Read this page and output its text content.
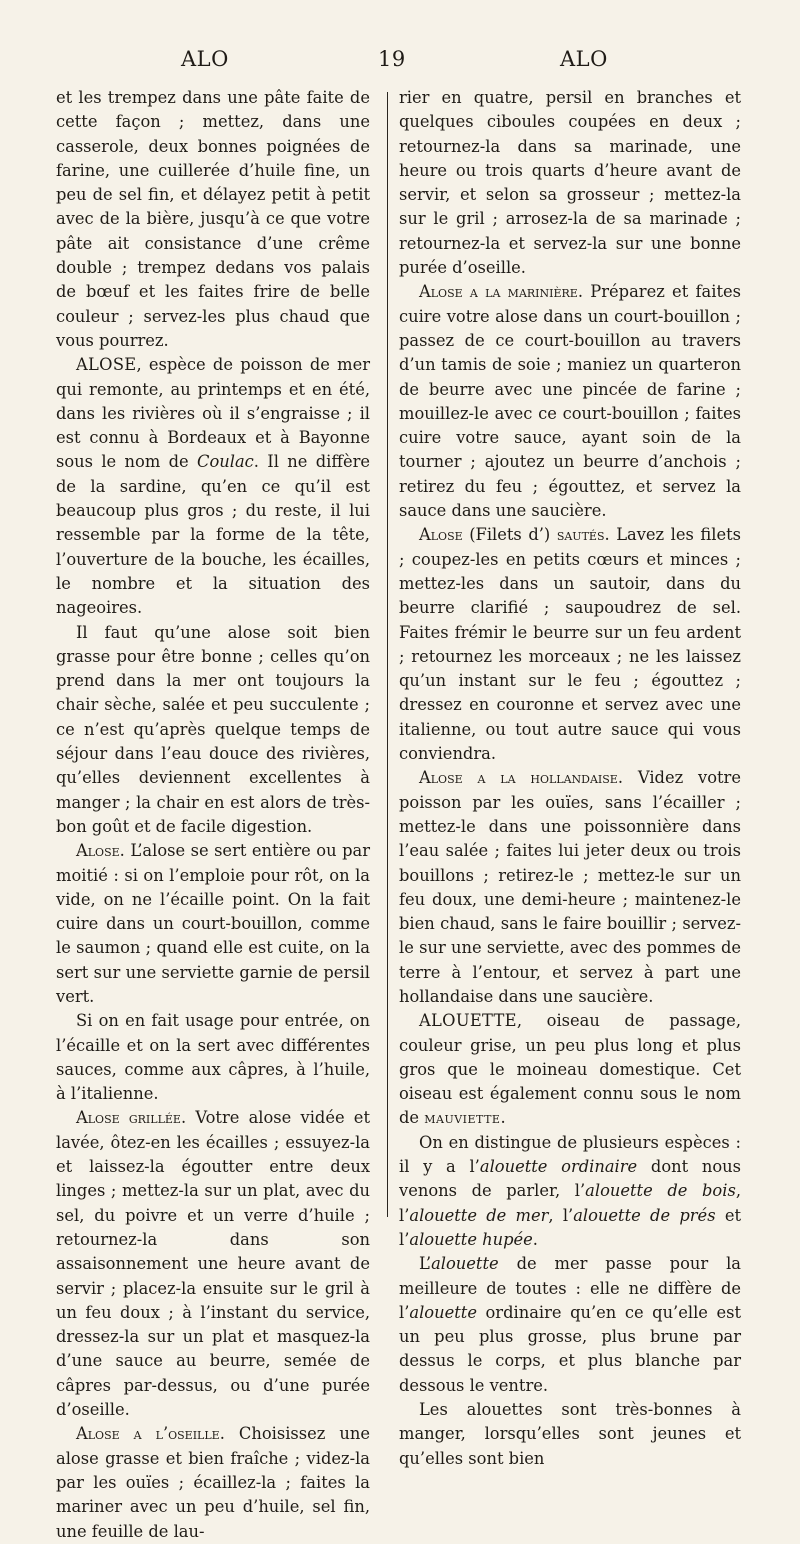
ALO	19	ALO

et les trempez dans une pâte faite de cette façon ; mettez, dans une casserole, deux bonnes poignées de farine, une cuillerée d’huile fine, un peu de sel fin, et délayez petit à petit avec de la bière, jusqu’à ce que votre pâte ait consistance d’une crême double ; trempez dedans vos palais de bœuf et les faites frire de belle couleur ; servez-les plus chaud que vous pourrez.

ALOSE, espèce de poisson de mer qui remonte, au printemps et en été, dans les rivières où il s’engraisse ; il est connu à Bordeaux et à Bayonne sous le nom de Coulac. Il ne diffère de la sardine, qu’en ce qu’il est beaucoup plus gros ; du reste, il lui ressemble par la forme de la tête, l’ouverture de la bouche, les écailles, le nombre et la situation des nageoires.

Il faut qu’une alose soit bien grasse pour être bonne ; celles qu’on prend dans la mer ont toujours la chair sèche, salée et peu succulente ; ce n’est qu’après quelque temps de séjour dans l’eau douce des rivières, qu’elles deviennent excellentes à manger ; la chair en est alors de très-bon goût et de facile digestion.

Alose. L’alose se sert entière ou par moitié : si on l’emploie pour rôt, on la vide, on ne l’écaille point. On la fait cuire dans un court-bouillon, comme le saumon ; quand elle est cuite, on la sert sur une serviette garnie de persil vert.

Si on en fait usage pour entrée, on l’écaille et on la sert avec différentes sauces, comme aux câpres, à l’huile, à l’italienne.

Alose grillée. Votre alose vidée et lavée, ôtez-en les écailles ; essuyez-la et laissez-la égoutter entre deux linges ; mettez-la sur un plat, avec du sel, du poivre et un verre d’huile ; retournez-la dans son assaisonnement une heure avant de servir ; placez-la ensuite sur le gril à un feu doux ; à l’instant du service, dressez-la sur un plat et masquez-la d’une sauce au beurre, semée de câpres par-dessus, ou d’une purée d’oseille.

Alose a l’oseille. Choisissez une alose grasse et bien fraîche ; videz-la par les ouïes ; écaillez-la ; faites la mariner avec un peu d’huile, sel fin, une feuille de lau-

rier en quatre, persil en branches et quelques ciboules coupées en deux ; retournez-la dans sa marinade, une heure ou trois quarts d’heure avant de servir, et selon sa grosseur ; mettez-la sur le gril ; arrosez-la de sa marinade ; retournez-la et servez-la sur une bonne purée d’oseille.

Alose a la marinière. Préparez et faites cuire votre alose dans un court-bouillon ; passez de ce court-bouillon au travers d’un tamis de soie ; maniez un quarteron de beurre avec une pincée de farine ; mouillez-le avec ce court-bouillon ; faites cuire votre sauce, ayant soin de la tourner ; ajoutez un beurre d’anchois ; retirez du feu ; égouttez, et servez la sauce dans une saucière.

Alose (Filets d’) sautés. Lavez les filets ; coupez-les en petits cœurs et minces ; mettez-les dans un sautoir, dans du beurre clarifié ; saupoudrez de sel. Faites frémir le beurre sur un feu ardent ; retournez les morceaux ; ne les laissez qu’un instant sur le feu ; égouttez ; dressez en couronne et servez avec une italienne, ou tout autre sauce qui vous conviendra.

Alose a la hollandaise. Videz votre poisson par les ouïes, sans l’écailler ; mettez-le dans une poissonnière dans l’eau salée ; faites lui jeter deux ou trois bouillons ; retirez-le ; mettez-le sur un feu doux, une demi-heure ; maintenez-le bien chaud, sans le faire bouillir ; servez-le sur une serviette, avec des pommes de terre à l’entour, et servez à part une hollandaise dans une saucière.

ALOUETTE, oiseau de passage, couleur grise, un peu plus long et plus gros que le moineau domestique. Cet oiseau est également connu sous le nom de mauviette.

On en distingue de plusieurs espèces : il y a l’alouette ordinaire dont nous venons de parler, l’alouette de bois, l’alouette de mer, l’alouette de prés et l’alouette hupée.

L’alouette de mer passe pour la meilleure de toutes : elle ne diffère de l’alouette ordinaire qu’en ce qu’elle est un peu plus grosse, plus brune par dessus le corps, et plus blanche par dessous le ventre.

Les alouettes sont très-bonnes à manger, lorsqu’elles sont jeunes et qu’elles sont bien
